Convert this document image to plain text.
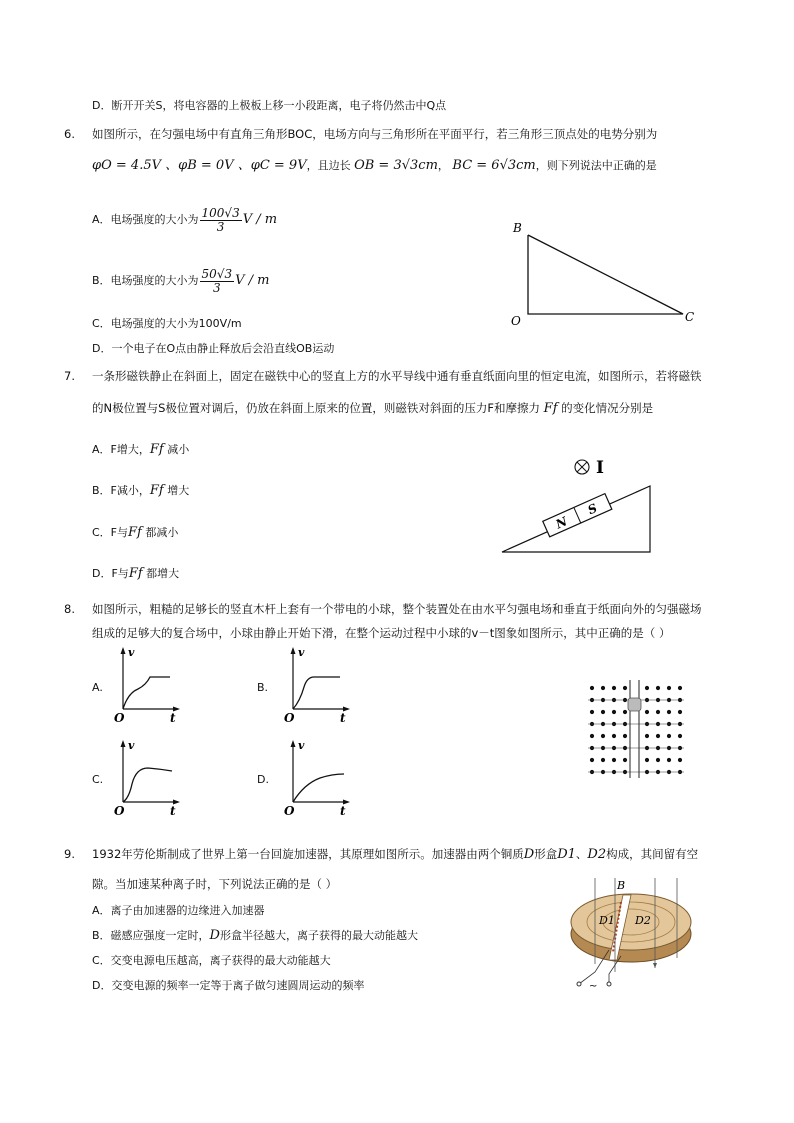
D．断开开关S，将电容器的上极板上移一小段距离，电子将仍然击中Q点
6. 如图所示，在匀强电场中有直角三角形BOC，电场方向与三角形所在平面平行，若三角形三顶点处的电势分别为
φO = 4.5V 、φB = 0V 、φC = 9V，且边长 OB = 3√3cm， BC = 6√3cm，则下列说法中正确的是
A．电场强度的大小为 $\frac{100√3}{3}$ V / m
B．电场强度的大小为 $\frac{50√3}{3}$ V / m
C．电场强度的大小为100V/m
D．一个电子在O点由静止释放后会沿直线OB运动
B
O	C
7. 一条形磁铁静止在斜面上，固定在磁铁中心的竖直上方的水平导线中通有垂直纸面向里的恒定电流，如图所示，若将磁铁
的N极位置与S极位置对调后，仍放在斜面上原来的位置，则磁铁对斜面的压力F和摩擦力 Ff 的变化情况分别是
A．F增大，Ff 减小
B．F减小，Ff 增大
C．F与Ff 都减小
D．F与Ff 都增大
N
S
I
8. 如图所示，粗糙的足够长的竖直木杆上套有一个带电的小球，整个装置处在由水平匀强电场和垂直于纸面向外的匀强磁场
组成的足够大的复合场中，小球由静止开始下滑，在整个运动过程中小球的v－t图象如图所示，其中正确的是（ ）
A.	B.
C.	D.
v
O	t
v
O	t
v
O	t
v
O	t
9. 1932年劳伦斯制成了世界上第一台回旋加速器，其原理如图所示。加速器由两个铜质D形盒D1、D2构成，其间留有空
隙。当加速某种离子时，下列说法正确的是（ ）
A．离子由加速器的边缘进入加速器
B．磁感应强度一定时，D形盒半径越大，离子获得的最大动能越大
C．交变电源电压越高，离子获得的最大动能越大
D．交变电源的频率一定等于离子做匀速圆周运动的频率	~
B
D1 D2
